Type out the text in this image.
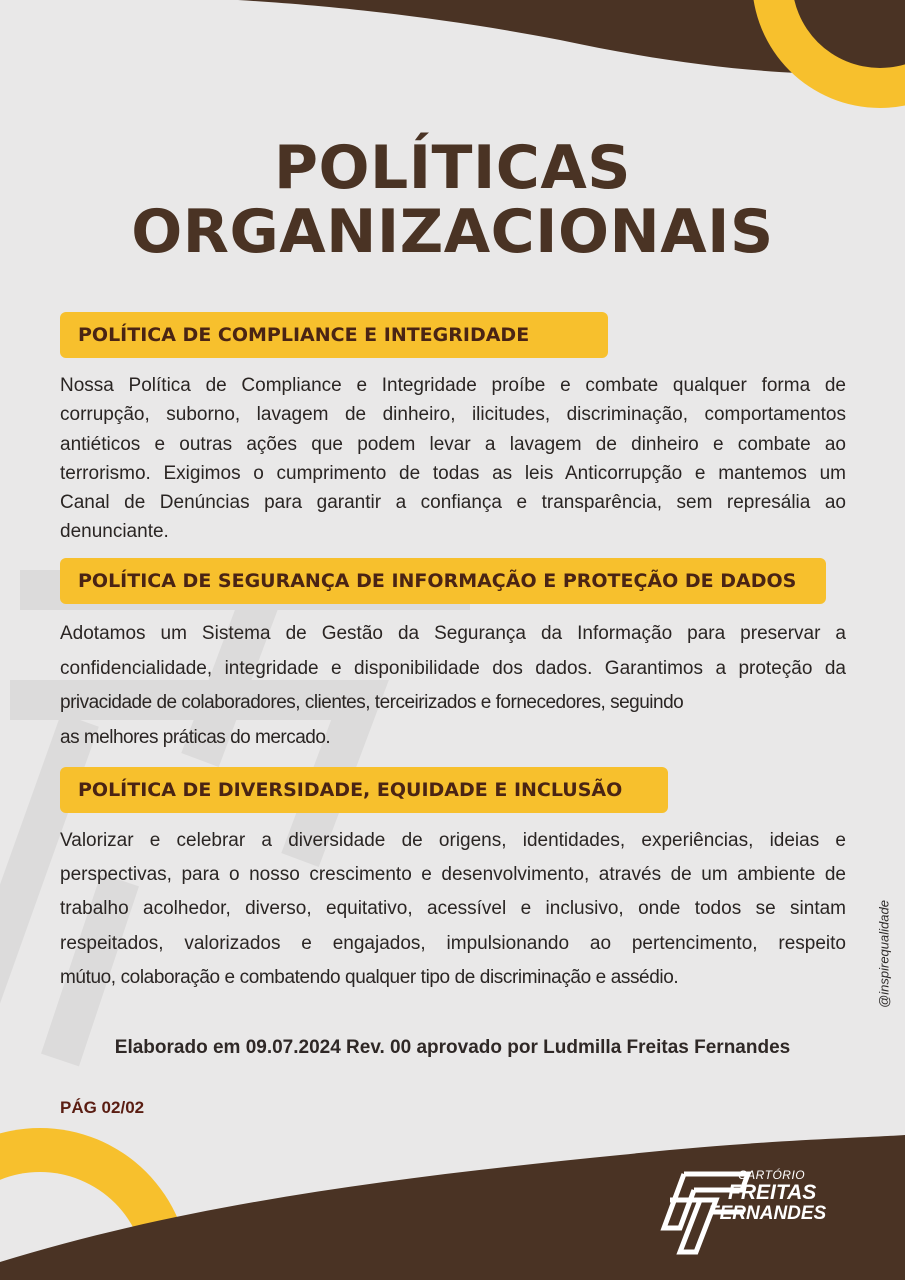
POLÍTICAS
ORGANIZACIONAIS
POLÍTICA DE COMPLIANCE E INTEGRIDADE

Nossa Política de Compliance e Integridade proíbe e combate qualquer forma de
corrupção, suborno, lavagem de dinheiro, ilicitudes, discriminação, comportamentos
antiéticos e outras ações que podem levar a lavagem de dinheiro e combate ao
terrorismo. Exigimos o cumprimento de todas as leis Anticorrupção e mantemos um
Canal de Denúncias para garantir a confiança e transparência, sem represália ao
denunciante.

POLÍTICA DE SEGURANÇA DE INFORMAÇÃO E PROTEÇÃO DE DADOS

Adotamos um Sistema de Gestão da Segurança da Informação para preservar a
confidencialidade, integridade e disponibilidade dos dados. Garantimos a proteção da
privacidade de colaboradores, clientes, terceirizados e fornecedores, seguindo
as melhores práticas do mercado.

POLÍTICA DE DIVERSIDADE, EQUIDADE E INCLUSÃO

Valorizar e celebrar a diversidade de origens, identidades, experiências, ideias e
perspectivas, para o nosso crescimento e desenvolvimento, através de um ambiente de
trabalho acolhedor, diverso, equitativo, acessível e inclusivo, onde todos se sintam
respeitados, valorizados e engajados, impulsionando ao pertencimento, respeito
mútuo, colaboração e combatendo qualquer tipo de discriminação e assédio.

Elaborado em 09.07.2024 Rev. 00 aprovado por Ludmilla Freitas Fernandes
PÁG 02/02
@inspirequalidade
CARTÓRIO
FREITAS
FERNANDES
